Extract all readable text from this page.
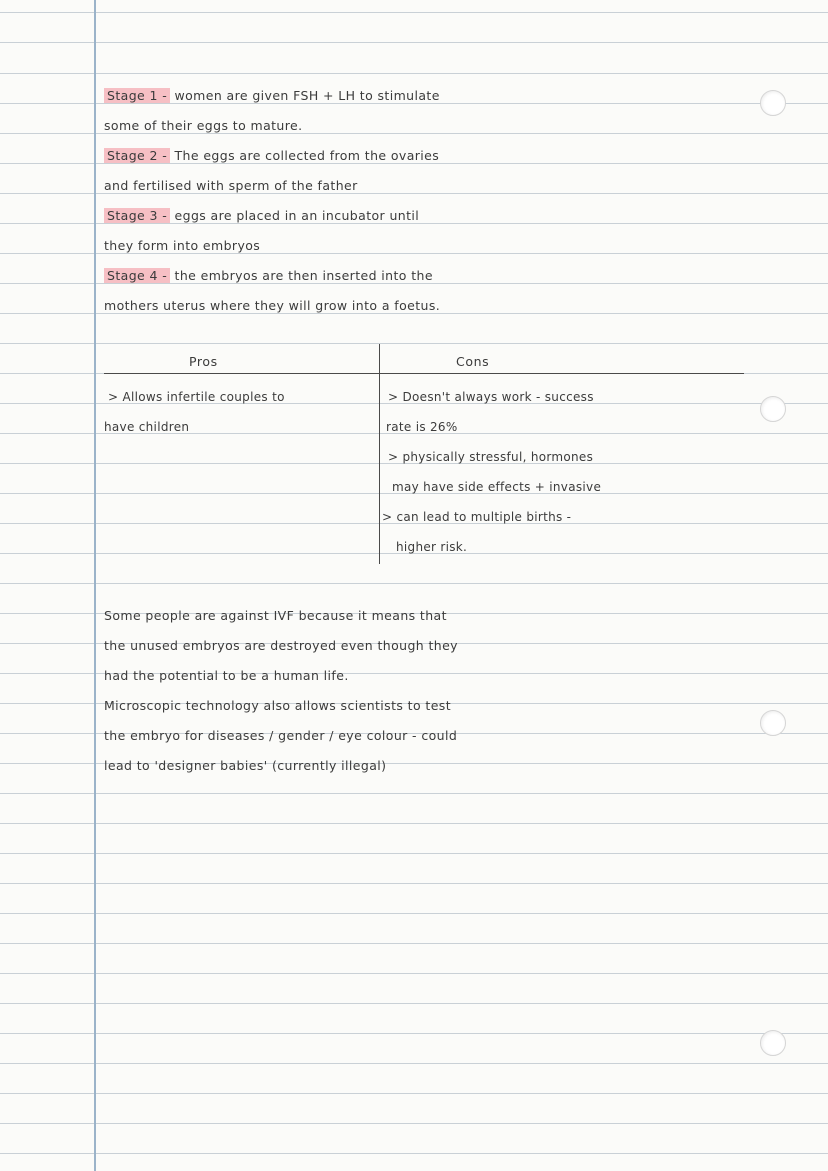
Stage 1 - women are given FSH + LH to stimulate
some of their eggs to mature.
Stage 2 - The eggs are collected from the ovaries
and fertilised with sperm of the father
Stage 3 - eggs are placed in an incubator until
they form into embryos
Stage 4 - the embryos are then inserted into the
mothers uterus where they will grow into a foetus.
Pros	Cons
> Allows infertile couples to
have children
> Doesn't always work - success
rate is 26%
> physically stressful, hormones
may have side effects + invasive
> can lead to multiple births -
higher risk.
Some people are against IVF because it means that
the unused embryos are destroyed even though they
had the potential to be a human life.
Microscopic technology also allows scientists to test
the embryo for diseases / gender / eye colour - could
lead to 'designer babies' (currently illegal)
